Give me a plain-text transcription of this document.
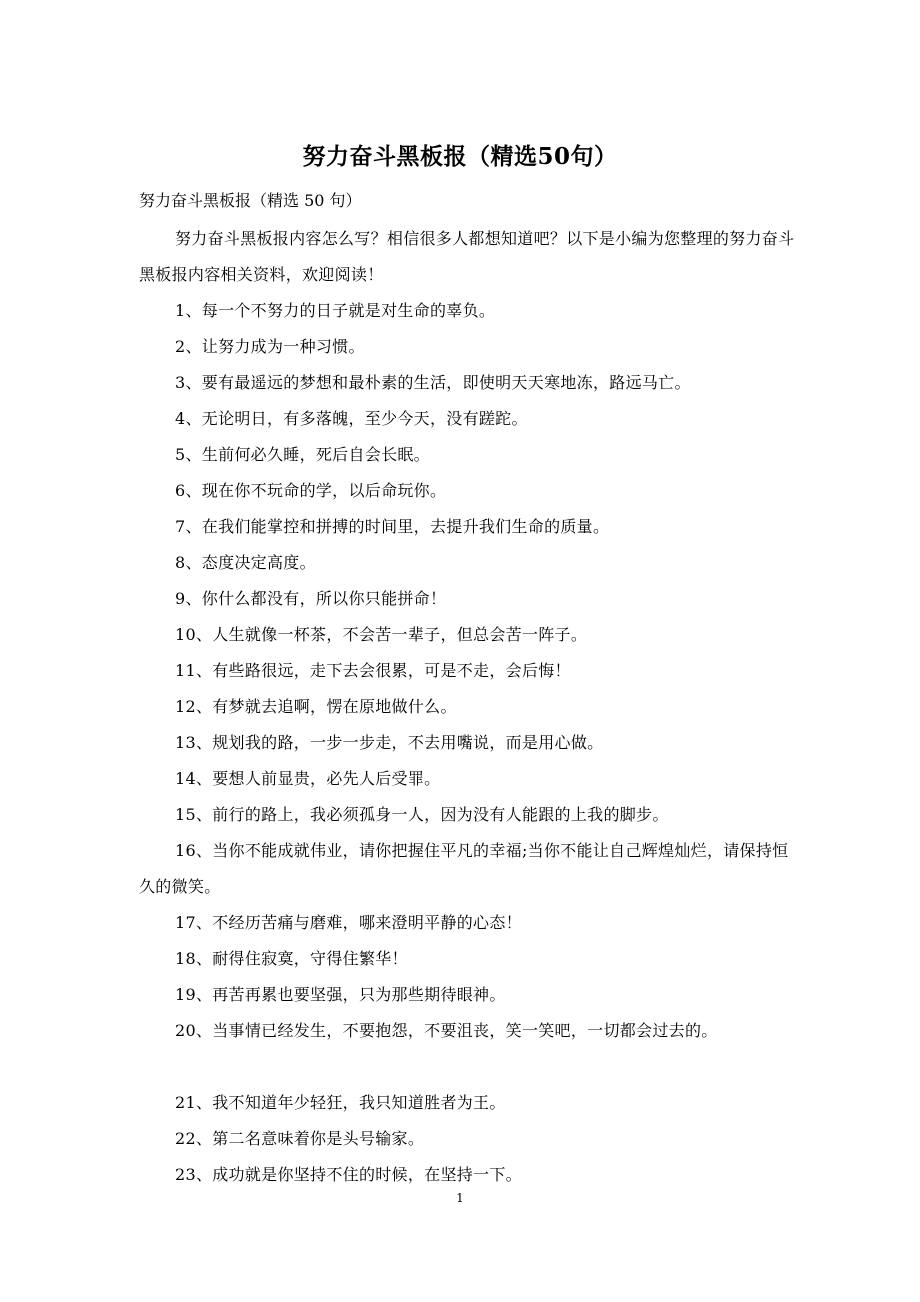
努力奋斗黑板报（精选50句）
努力奋斗黑板报（精选 50 句）

努力奋斗黑板报内容怎么写？相信很多人都想知道吧？以下是小编为您整理的努力奋斗黑板报内容相关资料，欢迎阅读！

1、每一个不努力的日子就是对生命的辜负。
2、让努力成为一种习惯。
3、要有最遥远的梦想和最朴素的生活，即使明天天寒地冻，路远马亡。
4、无论明日，有多落魄，至少今天，没有蹉跎。
5、生前何必久睡，死后自会长眠。
6、现在你不玩命的学，以后命玩你。
7、在我们能掌控和拼搏的时间里，去提升我们生命的质量。
8、态度决定高度。
9、你什么都没有，所以你只能拼命！
10、人生就像一杯茶，不会苦一辈子，但总会苦一阵子。
11、有些路很远，走下去会很累，可是不走，会后悔！
12、有梦就去追啊，愣在原地做什么。
13、规划我的路，一步一步走，不去用嘴说，而是用心做。
14、要想人前显贵，必先人后受罪。
15、前行的路上，我必须孤身一人，因为没有人能跟的上我的脚步。
16、当你不能成就伟业，请你把握住平凡的幸福;当你不能让自己辉煌灿烂，请保持恒久的微笑。
17、不经历苦痛与磨难，哪来澄明平静的心态！
18、耐得住寂寞，守得住繁华！
19、再苦再累也要坚强，只为那些期待眼神。
20、当事情已经发生，不要抱怨，不要沮丧，笑一笑吧，一切都会过去的。
21、我不知道年少轻狂，我只知道胜者为王。
22、第二名意味着你是头号输家。
23、成功就是你坚持不住的时候，在坚持一下。
1
